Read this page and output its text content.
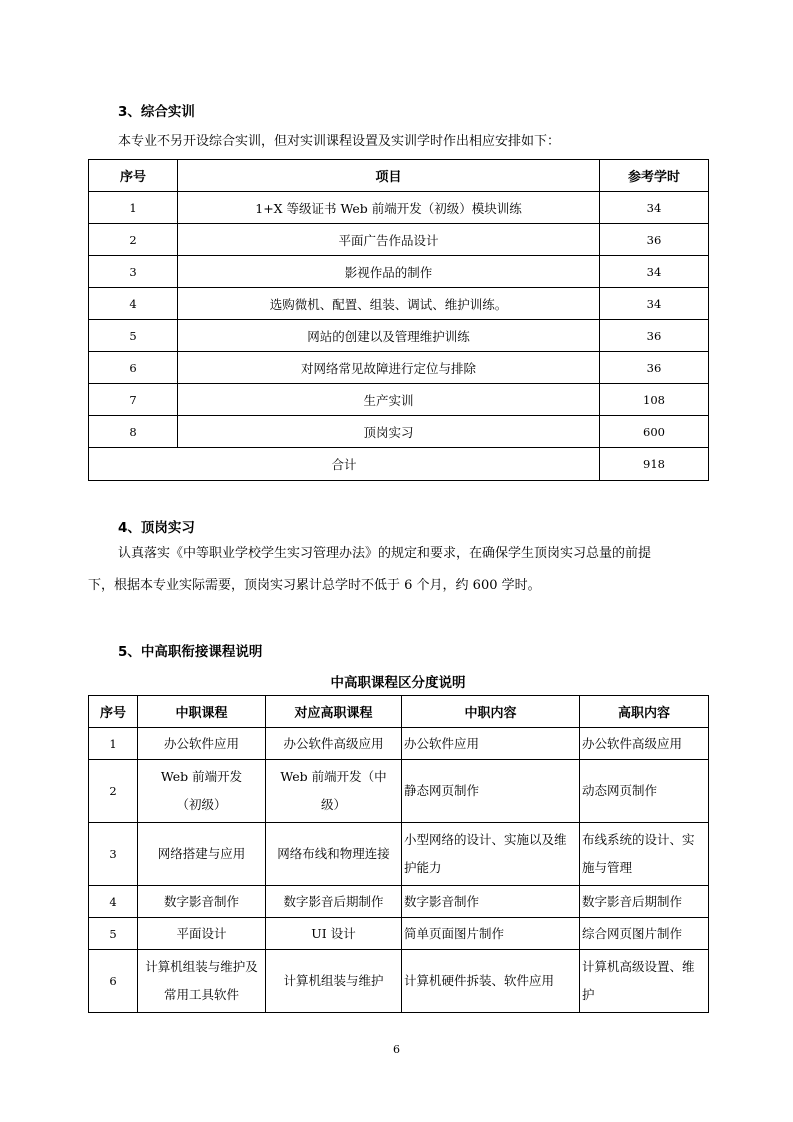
3、综合实训
本专业不另开设综合实训，但对实训课程设置及实训学时作出相应安排如下：
序号	项目	参考学时
1	1+X 等级证书 Web 前端开发（初级）模块训练	34
2	平面广告作品设计	36
3	影视作品的制作	34
4	选购微机、配置、组装、调试、维护训练。	34
5	网站的创建以及管理维护训练	36
6	对网络常见故障进行定位与排除	36
7	生产实训	108
8	顶岗实习	600
合计		918
4、顶岗实习
认真落实《中等职业学校学生实习管理办法》的规定和要求，在确保学生顶岗实习总量的前提
下，根据本专业实际需要，顶岗实习累计总学时不低于 6 个月，约 600 学时。
5、中高职衔接课程说明
中高职课程区分度说明
序号	中职课程	对应高职课程	中职内容	高职内容
1	办公软件应用	办公软件高级应用	办公软件应用	办公软件高级应用
2	Web 前端开发（初级）	Web 前端开发（中级）	静态网页制作	动态网页制作
3	网络搭建与应用	网络布线和物理连接	小型网络的设计、实施以及维护能力	布线系统的设计、实施与管理
4	数字影音制作	数字影音后期制作	数字影音制作	数字影音后期制作
5	平面设计	UI 设计	简单页面图片制作	综合网页图片制作
6	计算机组装与维护及常用工具软件	计算机组装与维护	计算机硬件拆装、软件应用	计算机高级设置、维护
6
